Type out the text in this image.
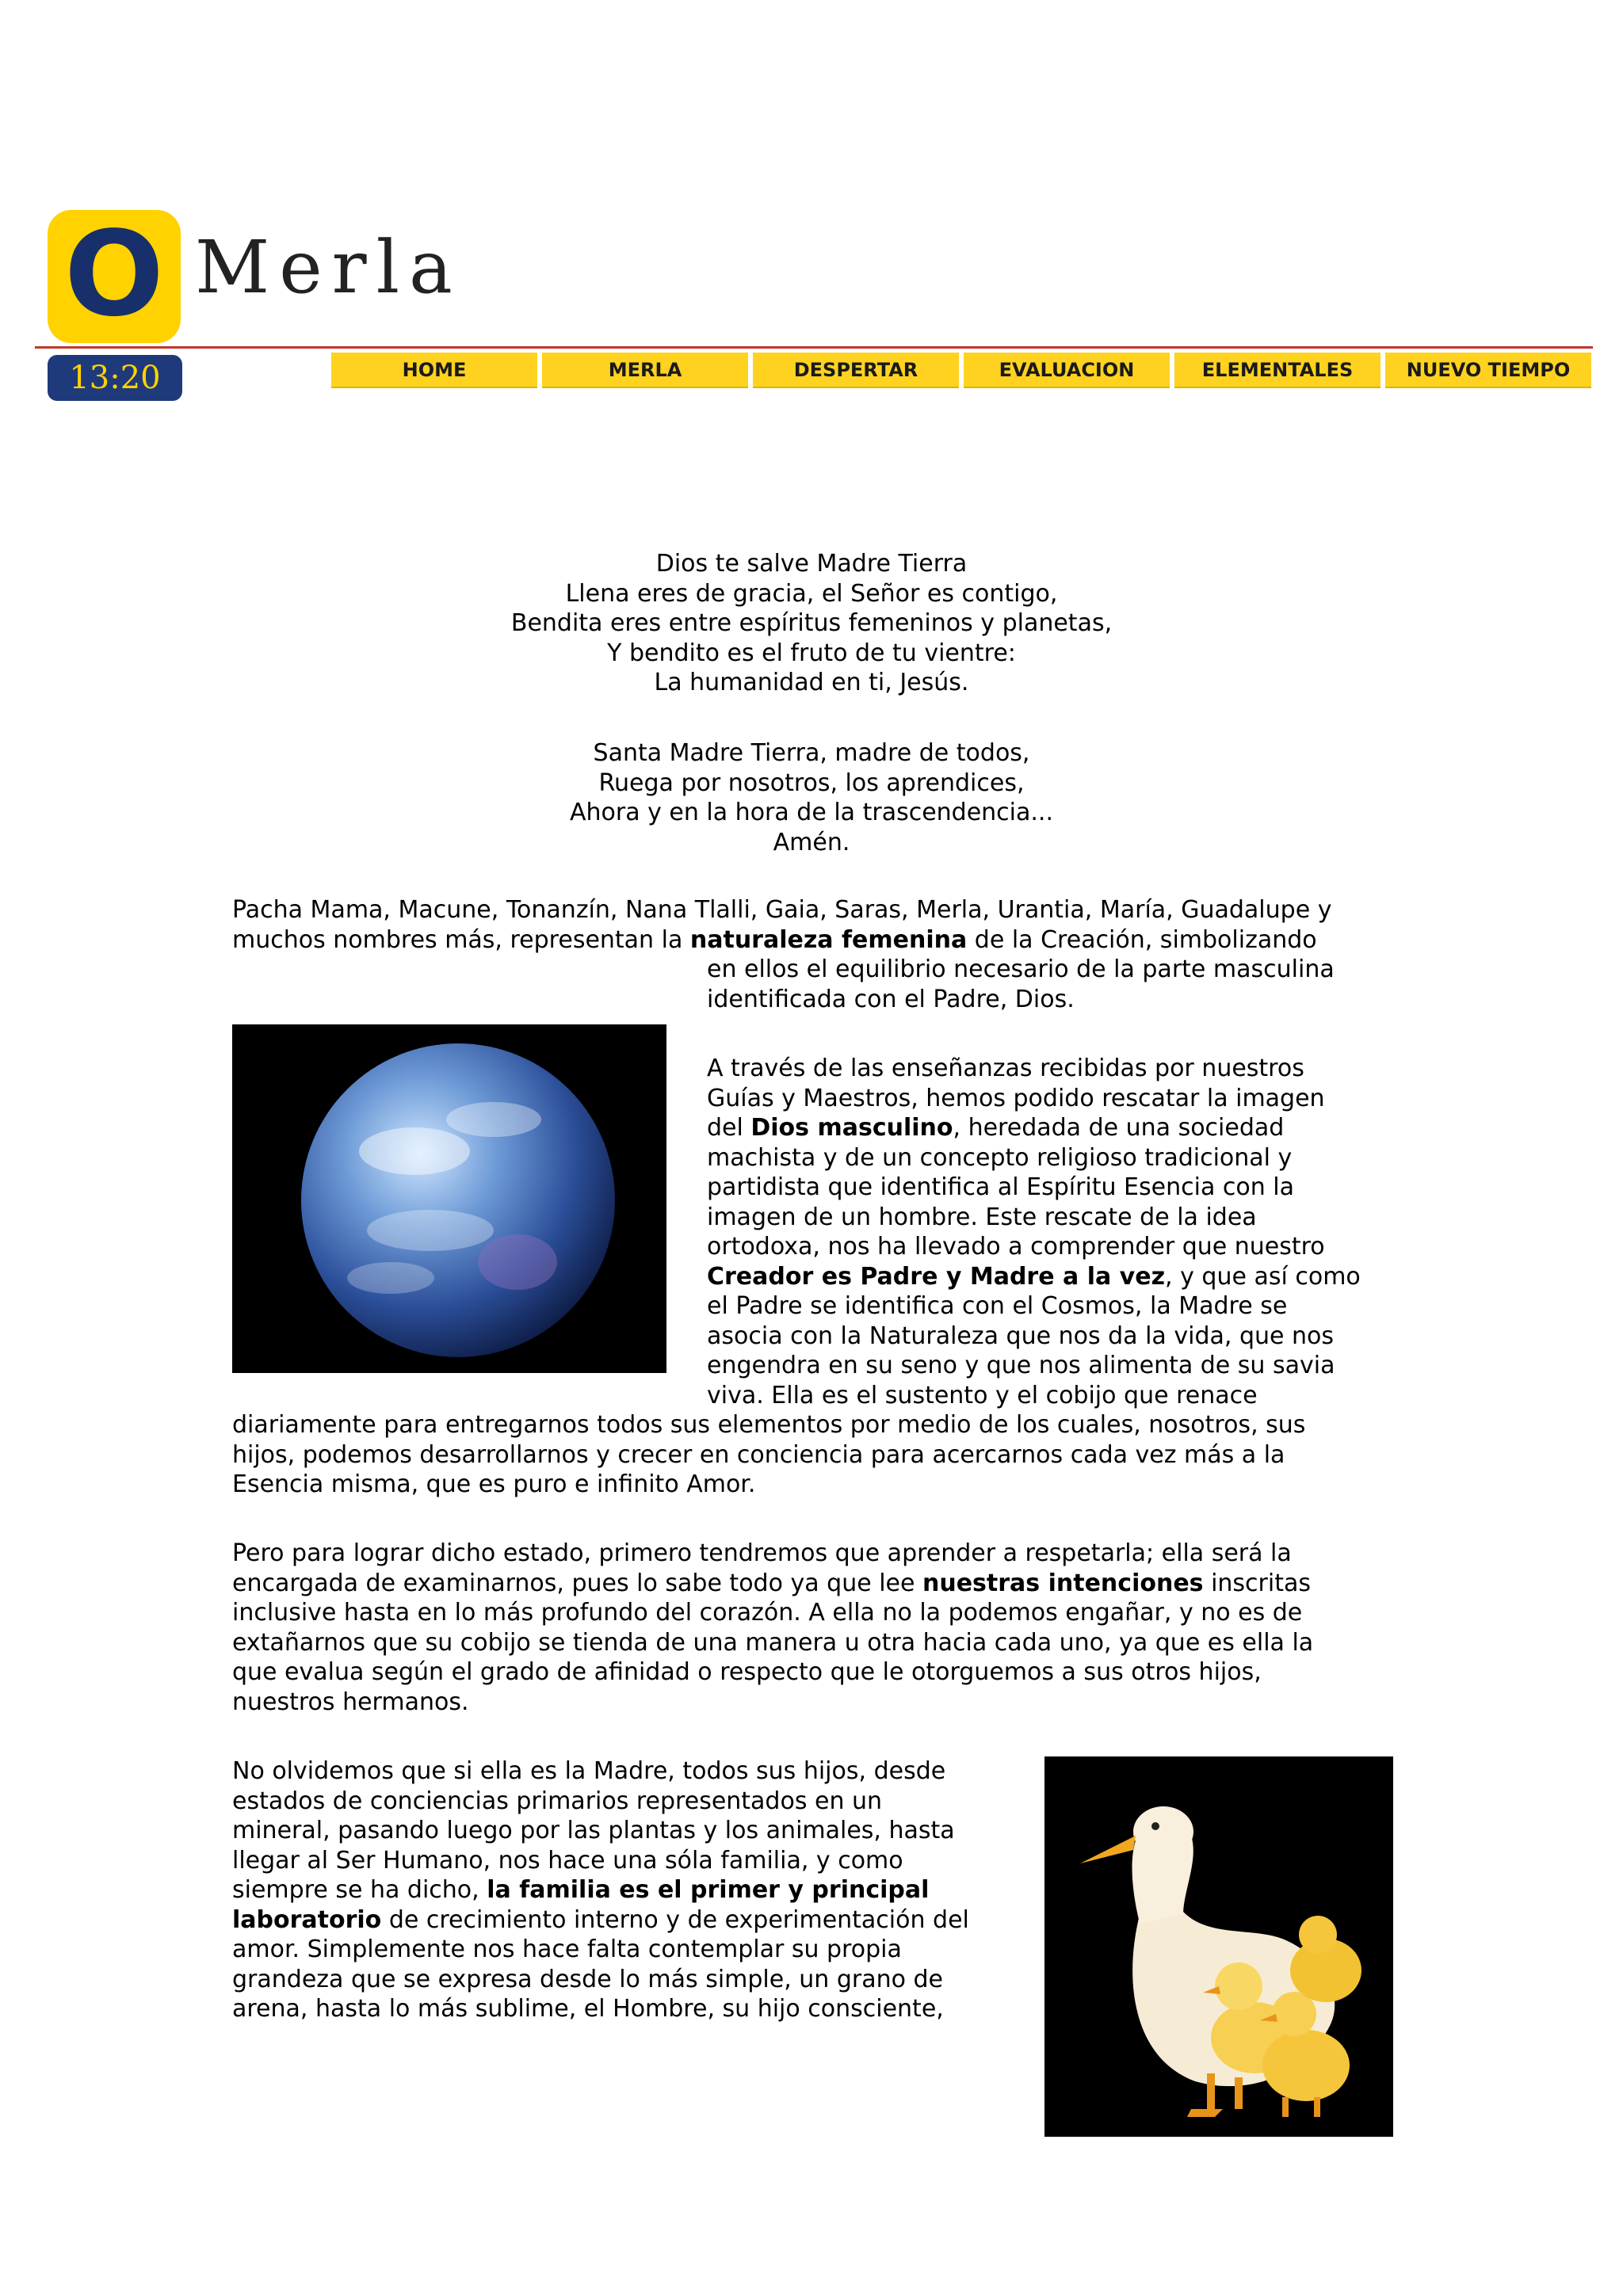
O Merla
13:20	HOME	MERLA	DESPERTAR	EVALUACION	ELEMENTALES	NUEVO TIEMPO
Dios te salve Madre Tierra
Llena eres de gracia, el Señor es contigo,
Bendita eres entre espíritus femeninos y planetas,
Y bendito es el fruto de tu vientre:
La humanidad en ti, Jesús.
Santa Madre Tierra, madre de todos,
Ruega por nosotros, los aprendices,
Ahora y en la hora de la trascendencia...
Amén.
Pacha Mama, Macune, Tonanzín, Nana Tlalli, Gaia, Saras, Merla, Urantia, María, Guadalupe y
muchos nombres más, representan la naturaleza femenina de la Creación, simbolizando
en ellos el equilibrio necesario de la parte masculina
identificada con el Padre, Dios.
A través de las enseñanzas recibidas por nuestros
Guías y Maestros, hemos podido rescatar la imagen
del Dios masculino, heredada de una sociedad
machista y de un concepto religioso tradicional y
partidista que identifica al Espíritu Esencia con la
imagen de un hombre. Este rescate de la idea
ortodoxa, nos ha llevado a comprender que nuestro
Creador es Padre y Madre a la vez, y que así como
el Padre se identifica con el Cosmos, la Madre se
asocia con la Naturaleza que nos da la vida, que nos
engendra en su seno y que nos alimenta de su savia
viva. Ella es el sustento y el cobijo que renace
diariamente para entregarnos todos sus elementos por medio de los cuales, nosotros, sus
hijos, podemos desarrollarnos y crecer en conciencia para acercarnos cada vez más a la
Esencia misma, que es puro e infinito Amor.
Pero para lograr dicho estado, primero tendremos que aprender a respetarla; ella será la
encargada de examinarnos, pues lo sabe todo ya que lee nuestras intenciones inscritas
inclusive hasta en lo más profundo del corazón. A ella no la podemos engañar, y no es de
extañarnos que su cobijo se tienda de una manera u otra hacia cada uno, ya que es ella la
que evalua según el grado de afinidad o respecto que le otorguemos a sus otros hijos,
nuestros hermanos.
No olvidemos que si ella es la Madre, todos sus hijos, desde
estados de conciencias primarios representados en un
mineral, pasando luego por las plantas y los animales, hasta
llegar al Ser Humano, nos hace una sóla familia, y como
siempre se ha dicho, la familia es el primer y principal
laboratorio de crecimiento interno y de experimentación del
amor. Simplemente nos hace falta contemplar su propia
grandeza que se expresa desde lo más simple, un grano de
arena, hasta lo más sublime, el Hombre, su hijo consciente,
